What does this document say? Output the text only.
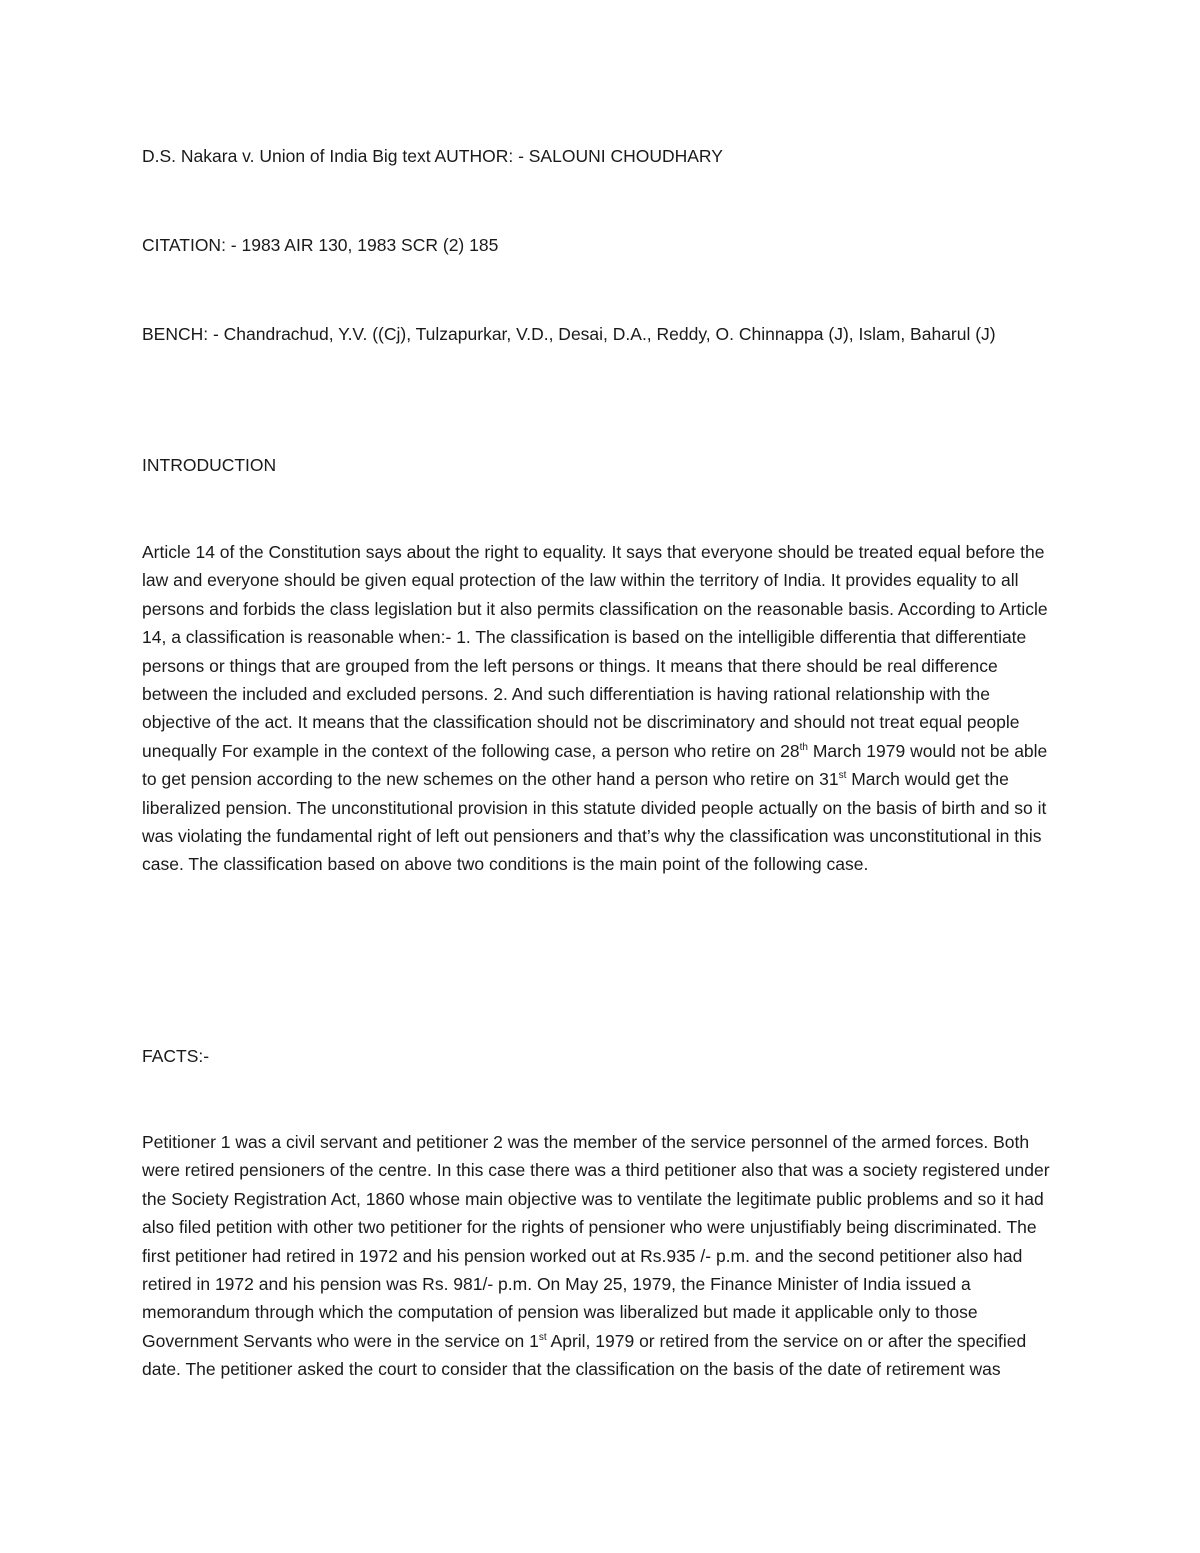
D.S. Nakara v. Union of India Big text AUTHOR: - SALOUNI CHOUDHARY

CITATION: - 1983 AIR 130, 1983 SCR (2) 185

BENCH: - Chandrachud, Y.V. ((Cj), Tulzapurkar, V.D., Desai, D.A., Reddy, O. Chinnappa (J), Islam, Baharul (J)

INTRODUCTION

Article 14 of the Constitution says about the right to equality. It says that everyone should be treated equal before the law and everyone should be given equal protection of the law within the territory of India. It provides equality to all persons and forbids the class legislation but it also permits classification on the reasonable basis. According to Article 14, a classification is reasonable when:- 1. The classification is based on the intelligible differentia that differentiate persons or things that are grouped from the left persons or things. It means that there should be real difference between the included and excluded persons. 2. And such differentiation is having rational relationship with the objective of the act. It means that the classification should not be discriminatory and should not treat equal people unequally For example in the context of the following case, a person who retire on 28th March 1979 would not be able to get pension according to the new schemes on the other hand a person who retire on 31st March would get the liberalized pension. The unconstitutional provision in this statute divided people actually on the basis of birth and so it was violating the fundamental right of left out pensioners and that’s why the classification was unconstitutional in this case. The classification based on above two conditions is the main point of the following case.

FACTS:-

Petitioner 1 was a civil servant and petitioner 2 was the member of the service personnel of the armed forces. Both were retired pensioners of the centre. In this case there was a third petitioner also that was a society registered under the Society Registration Act, 1860 whose main objective was to ventilate the legitimate public problems and so it had also filed petition with other two petitioner for the rights of pensioner who were unjustifiably being discriminated. The first petitioner had retired in 1972 and his pension worked out at Rs.935 /- p.m. and the second petitioner also had retired in 1972 and his pension was Rs. 981/- p.m. On May 25, 1979, the Finance Minister of India issued a memorandum through which the computation of pension was liberalized but made it applicable only to those Government Servants who were in the service on 1st April, 1979 or retired from the service on or after the specified date. The petitioner asked the court to consider that the classification on the basis of the date of retirement was
